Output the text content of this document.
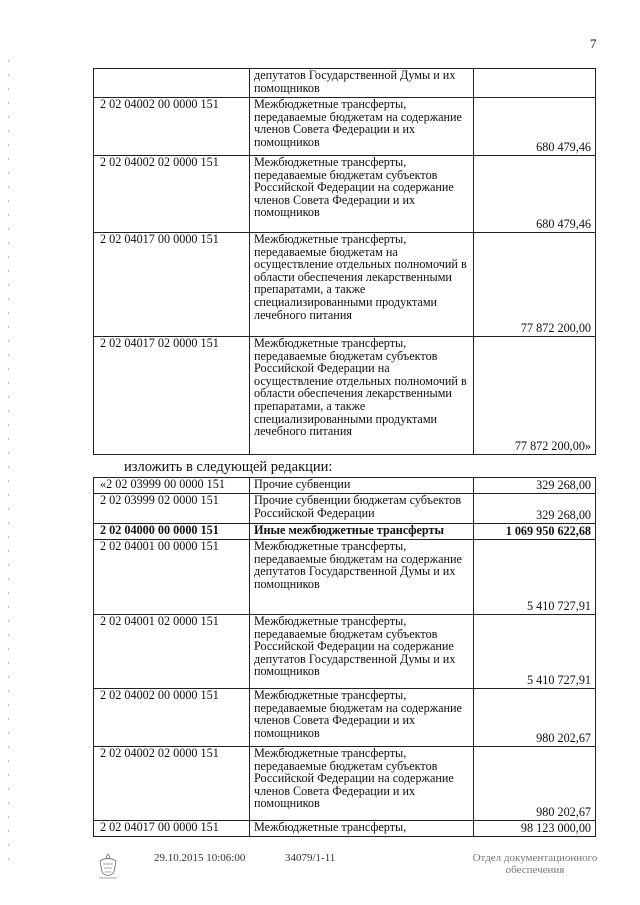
7
	депутатов Государственной Думы и их помощников	
2 02 04002 00 0000 151	Межбюджетные трансферты, передаваемые бюджетам на содержание членов Совета Федерации и их помощников	680 479,46
2 02 04002 02 0000 151	Межбюджетные трансферты, передаваемые бюджетам субъектов Российской Федерации на содержание членов Совета Федерации и их помощников	680 479,46
2 02 04017 00 0000 151	Межбюджетные трансферты, передаваемые бюджетам на осуществление отдельных полномочий в области обеспечения лекарственными препаратами, а также специализированными продуктами лечебного питания	77 872 200,00
2 02 04017 02 0000 151	Межбюджетные трансферты, передаваемые бюджетам субъектов Российской Федерации на осуществление отдельных полномочий в области обеспечения лекарственными препаратами, а также специализированными продуктами лечебного питания	77 872 200,00»
изложить в следующей редакции:
«2 02 03999 00 0000 151	Прочие субвенции	329 268,00
2 02 03999 02 0000 151	Прочие субвенции бюджетам субъектов Российской Федерации	329 268,00
2 02 04000 00 0000 151	Иные межбюджетные трансферты	1 069 950 622,68
2 02 04001 00 0000 151	Межбюджетные трансферты, передаваемые бюджетам на содержание депутатов Государственной Думы и их помощников	5 410 727,91
2 02 04001 02 0000 151	Межбюджетные трансферты, передаваемые бюджетам субъектов Российской Федерации на содержание депутатов Государственной Думы и их помощников	5 410 727,91
2 02 04002 00 0000 151	Межбюджетные трансферты, передаваемые бюджетам на содержание членов Совета Федерации и их помощников	980 202,67
2 02 04002 02 0000 151	Межбюджетные трансферты, передаваемые бюджетам субъектов Российской Федерации на содержание членов Совета Федерации и их помощников	980 202,67
2 02 04017 00 0000 151	Межбюджетные трансферты,	98 123 000,00
29.10.2015 10:06:00	34079/1-11	Отдел документационного
обеспечения
